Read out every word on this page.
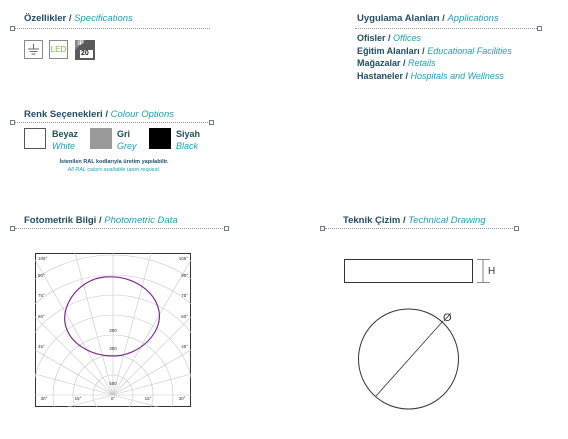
Özellikler / Specifications
LED
IP
20
Uygulama Alanları / Applications
Ofisler / Offices
Eğitim Alanları / Educational Facilities
Mağazalar / Retails
Hastaneler / Hospitals and Wellness
Renk Seçenekleri / Colour Options
Beyaz
White
Gri
Grey
Siyah
Black
İstenilen RAL kodlarıyla üretim yapılabilir.
All RAL colors available upon request.
Fotometrik Bilgi / Photometric Data
105°	105°
90°	90°
75°	75°
60°	60°
45°	45°
30°	15°	0°	15°	30°
200
300
500
Teknik Çizim / Technical Drawing
H
Ø
